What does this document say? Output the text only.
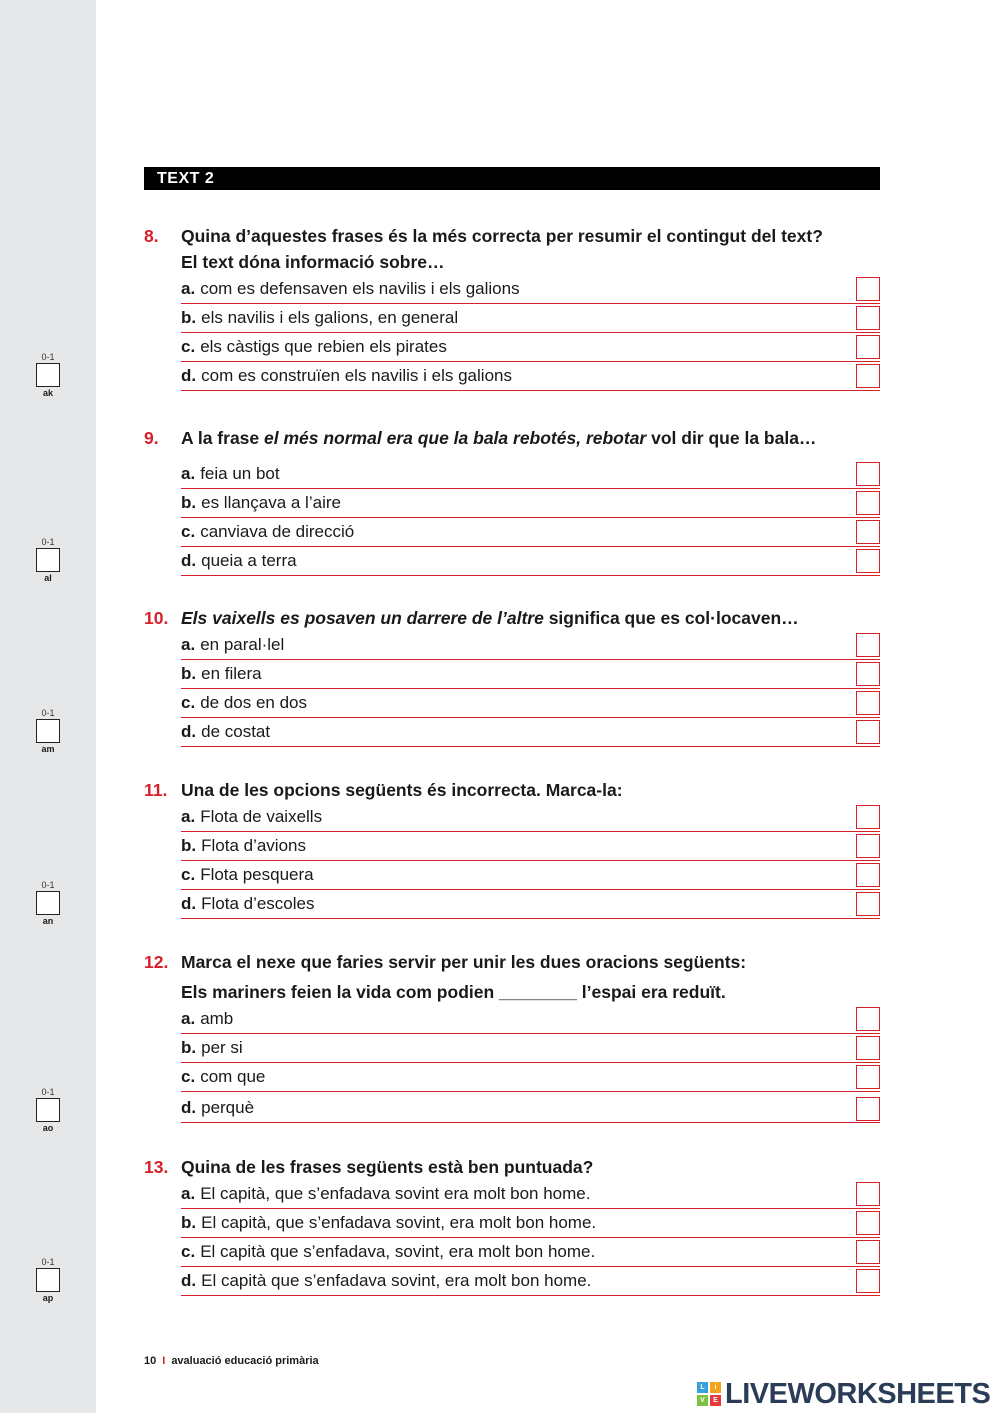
TEXT 2
8. Quina d’aquestes frases és la més correcta per resumir el contingut del text?
El text dóna informació sobre…
a. com es defensaven els navilis i els galions
b. els navilis i els galions, en general
c. els càstigs que rebien els pirates
d. com es construïen els navilis i els galions
9. A la frase el més normal era que la bala rebotés, rebotar vol dir que la bala…
a. feia un bot
b. es llançava a l’aire
c. canviava de direcció
d. queia a terra
10. Els vaixells es posaven un darrere de l’altre significa que es col·locaven…
a. en paral·lel
b. en filera
c. de dos en dos
d. de costat
11. Una de les opcions següents és incorrecta. Marca-la:
a. Flota de vaixells
b. Flota d’avions
c. Flota pesquera
d. Flota d’escoles
12. Marca el nexe que faries servir per unir les dues oracions següents:
Els mariners feien la vida com podien ________ l’espai era reduït.
a. amb
b. per si
c. com que
d. perquè
13. Quina de les frases següents està ben puntuada?
a. El capità, que s’enfadava sovint era molt bon home.
b. El capità, que s’enfadava sovint, era molt bon home.
c. El capità que s’enfadava, sovint, era molt bon home.
d. El capità que s’enfadava sovint, era molt bon home.
0-1
ak
0-1
al
0-1
am
0-1
an
0-1
ao
0-1
ap
10 I avaluació educació primària
L	i
V	E LIVEWORKSHEETS
